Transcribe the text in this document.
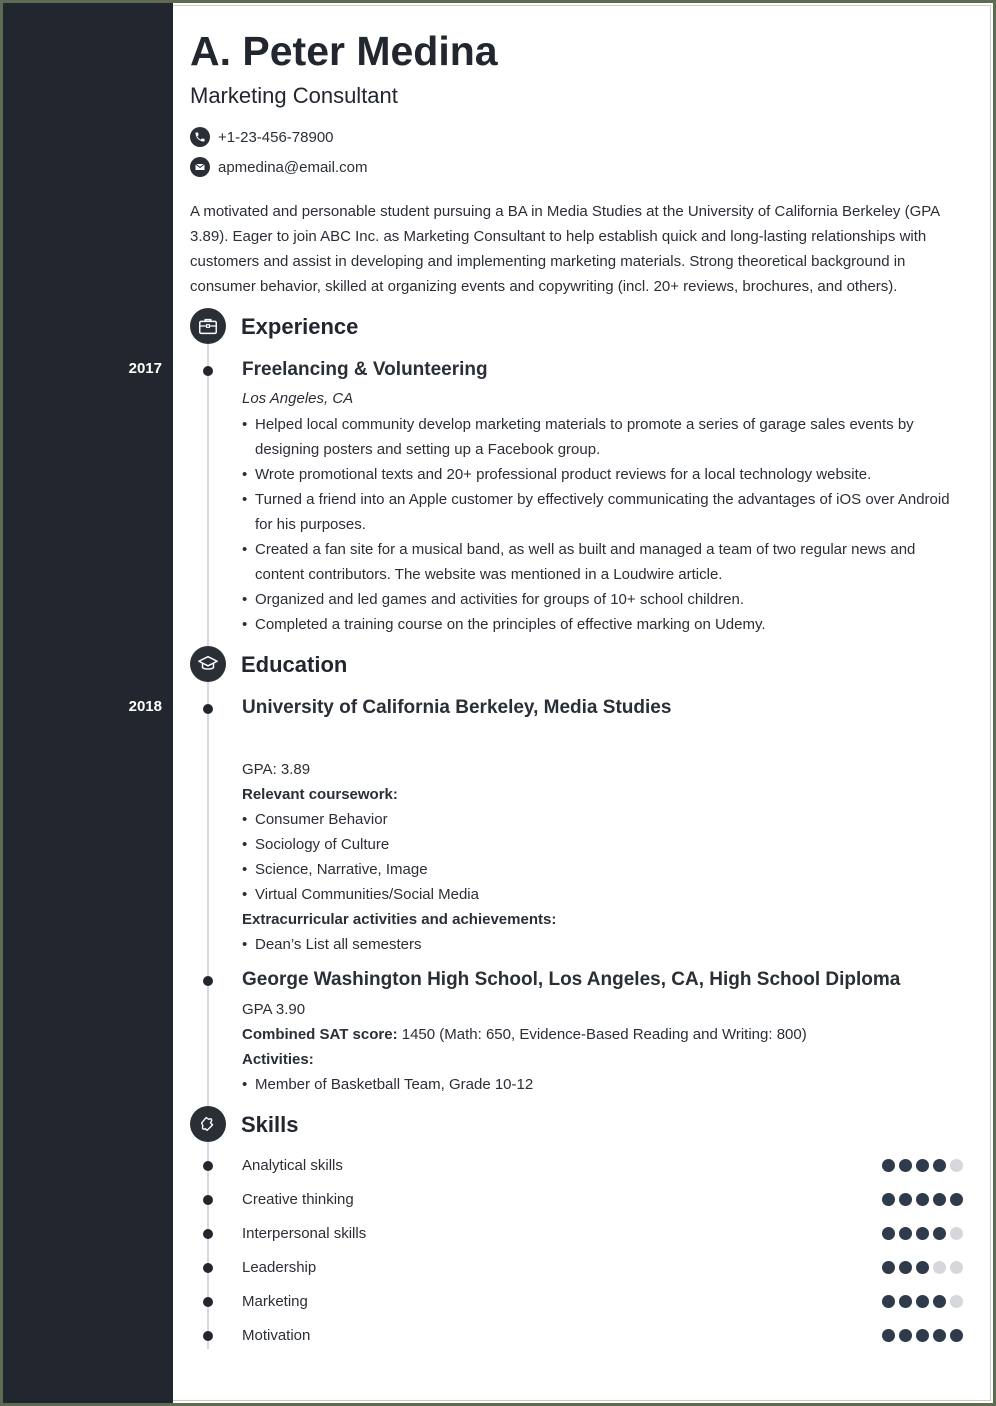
A. Peter Medina
Marketing Consultant
+1-23-456-78900
apmedina@email.com
A motivated and personable student pursuing a BA in Media Studies at the University of California Berkeley (GPA 3.89). Eager to join ABC Inc. as Marketing Consultant to help establish quick and long-lasting relationships with customers and assist in developing and implementing marketing materials. Strong theoretical background in consumer behavior, skilled at organizing events and copywriting (incl. 20+ reviews, brochures, and others).
Experience
2017	Freelancing & Volunteering
Los Angeles, CA
• Helped local community develop marketing materials to promote a series of garage sales events by designing posters and setting up a Facebook group.
• Wrote promotional texts and 20+ professional product reviews for a local technology website.
• Turned a friend into an Apple customer by effectively communicating the advantages of iOS over Android for his purposes.
• Created a fan site for a musical band, as well as built and managed a team of two regular news and content contributors. The website was mentioned in a Loudwire article.
• Organized and led games and activities for groups of 10+ school children.
• Completed a training course on the principles of effective marking on Udemy.
Education
2018	University of California Berkeley, Media Studies
GPA: 3.89
Relevant coursework:
• Consumer Behavior
• Sociology of Culture
• Science, Narrative, Image
• Virtual Communities/Social Media
Extracurricular activities and achievements:
• Dean’s List all semesters
George Washington High School, Los Angeles, CA, High School Diploma
GPA 3.90
Combined SAT score: 1450 (Math: 650, Evidence-Based Reading and Writing: 800)
Activities:
• Member of Basketball Team, Grade 10-12
Skills
Analytical skills
Creative thinking
Interpersonal skills
Leadership
Marketing
Motivation
